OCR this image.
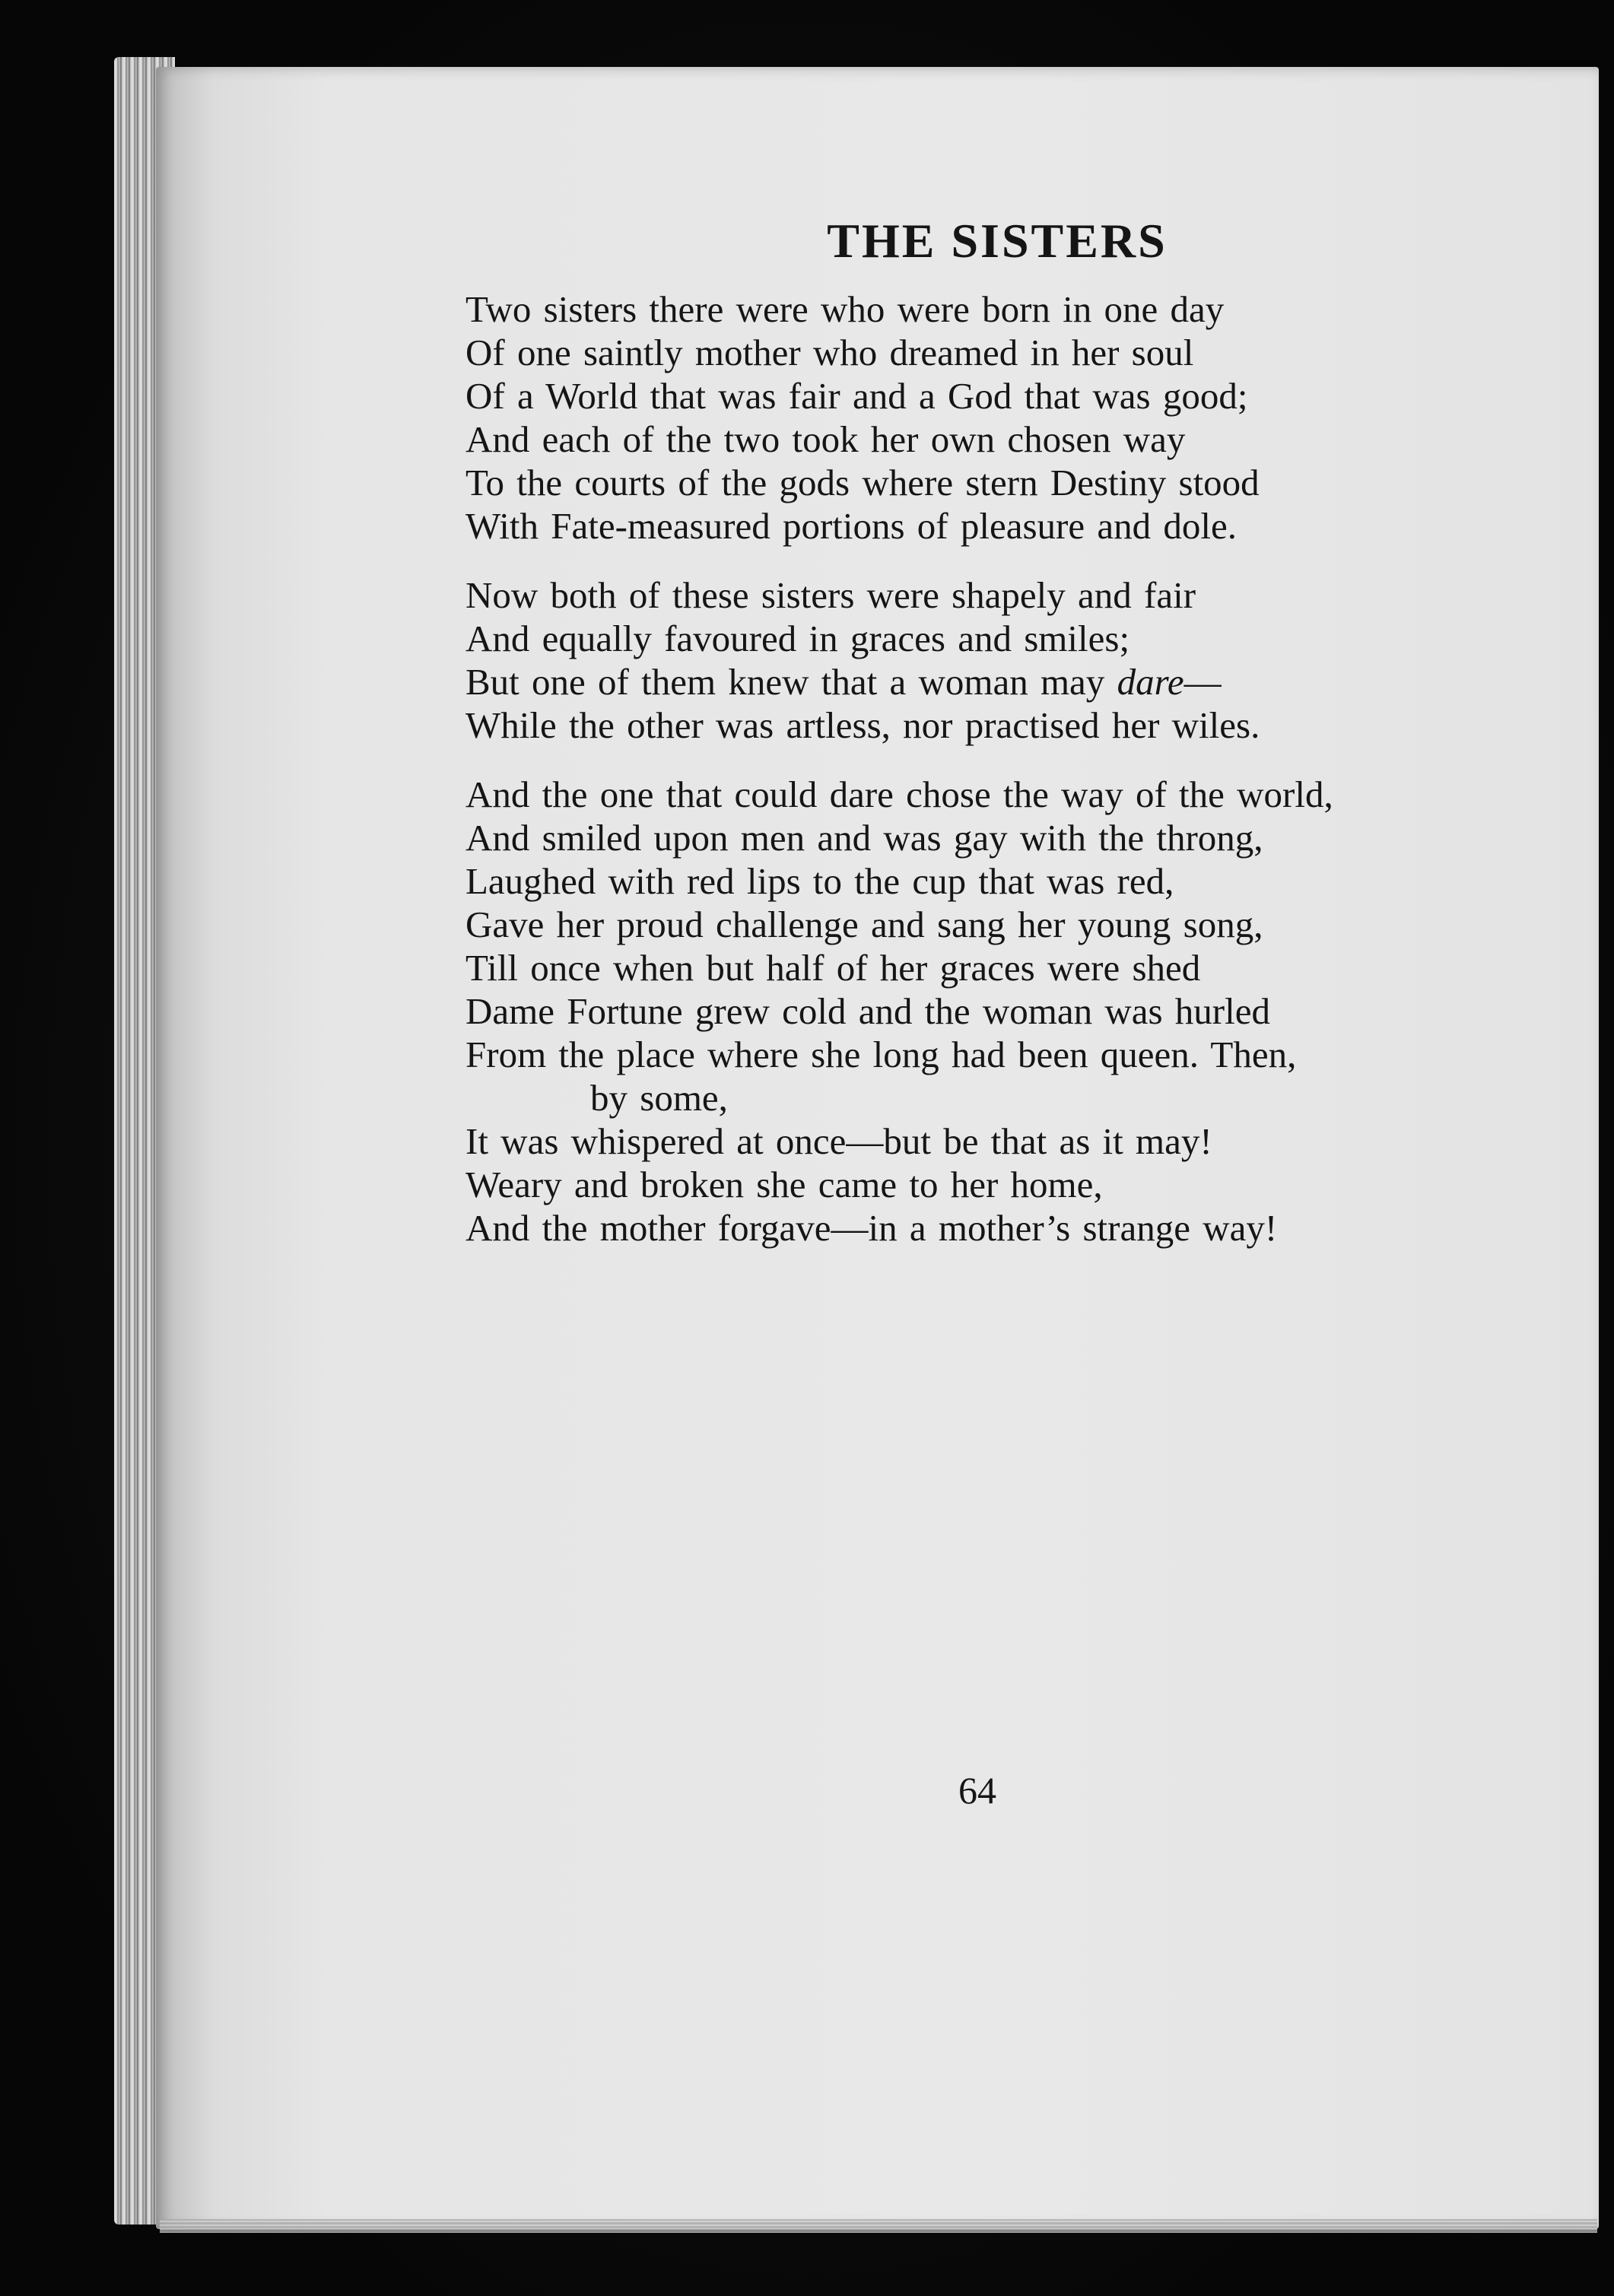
THE SISTERS
Two sisters there were who were born in one day
Of one saintly mother who dreamed in her soul
Of a World that was fair and a God that was good;
And each of the two took her own chosen way
To the courts of the gods where stern Destiny stood
With Fate-measured portions of pleasure and dole.
Now both of these sisters were shapely and fair
And equally favoured in graces and smiles;
But one of them knew that a woman may dare—
While the other was artless, nor practised her wiles.
And the one that could dare chose the way of the world,
And smiled upon men and was gay with the throng,
Laughed with red lips to the cup that was red,
Gave her proud challenge and sang her young song,
Till once when but half of her graces were shed
Dame Fortune grew cold and the woman was hurled
From the place where she long had been queen. Then,
by some,
It was whispered at once—but be that as it may!
Weary and broken she came to her home,
And the mother forgave—in a mother’s strange way!
64
